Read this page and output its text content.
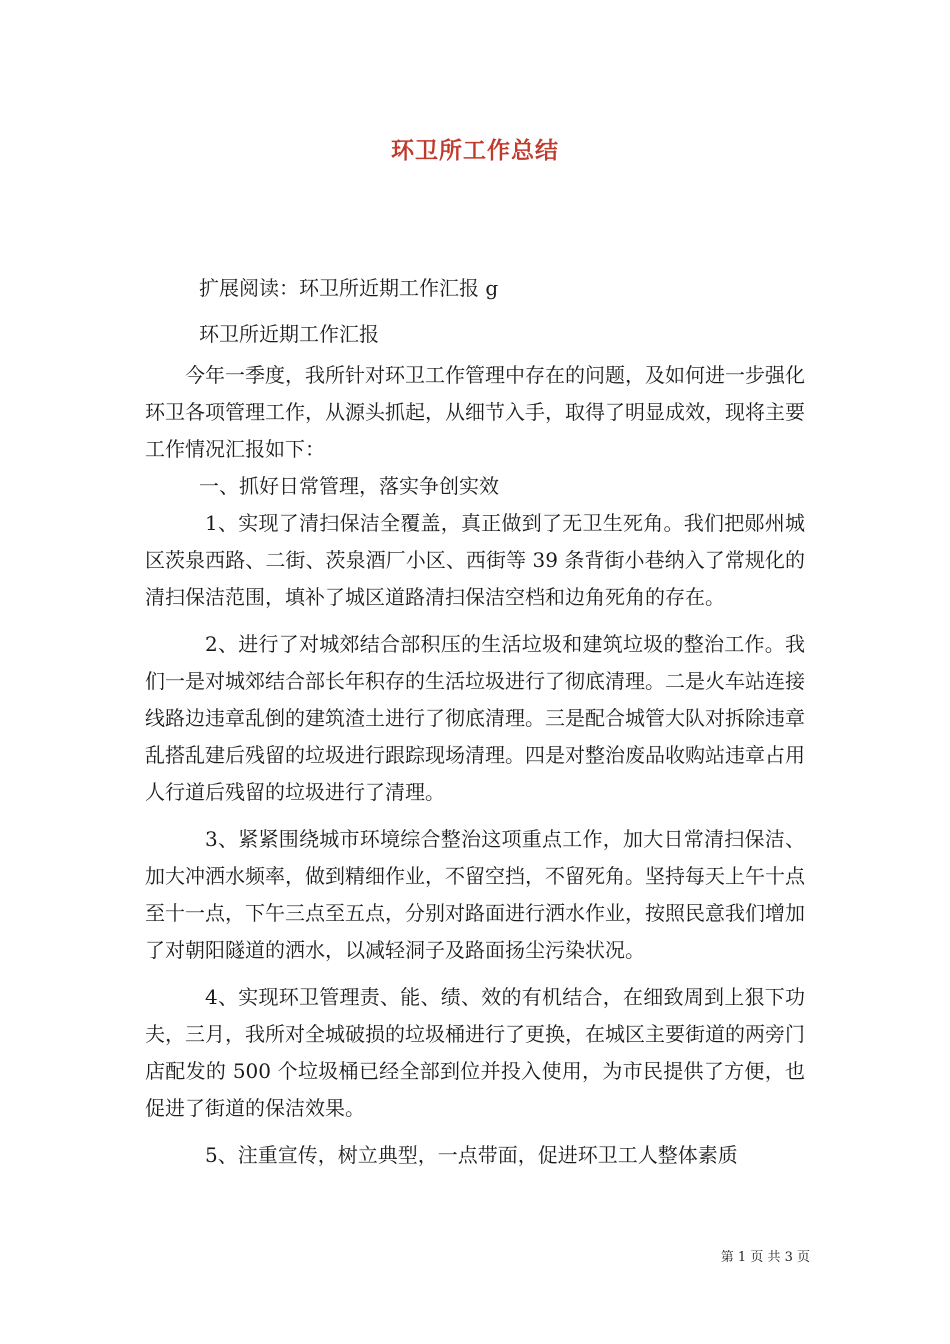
环卫所工作总结

扩展阅读：环卫所近期工作汇报 g

环卫所近期工作汇报

今年一季度，我所针对环卫工作管理中存在的问题，及如何进一步强化环卫各项管理工作，从源头抓起，从细节入手，取得了明显成效，现将主要工作情况汇报如下：

一、抓好日常管理，落实争创实效

1、实现了清扫保洁全覆盖，真正做到了无卫生死角。我们把郧州城区茨泉西路、二街、茨泉酒厂小区、西街等 39 条背街小巷纳入了常规化的清扫保洁范围，填补了城区道路清扫保洁空档和边角死角的存在。

2、进行了对城郊结合部积压的生活垃圾和建筑垃圾的整治工作。我们一是对城郊结合部长年积存的生活垃圾进行了彻底清理。二是火车站连接线路边违章乱倒的建筑渣土进行了彻底清理。三是配合城管大队对拆除违章乱搭乱建后残留的垃圾进行跟踪现场清理。四是对整治废品收购站违章占用人行道后残留的垃圾进行了清理。

3、紧紧围绕城市环境综合整治这项重点工作，加大日常清扫保洁、加大冲洒水频率，做到精细作业，不留空挡，不留死角。坚持每天上午十点至十一点，下午三点至五点，分别对路面进行洒水作业，按照民意我们增加了对朝阳隧道的洒水，以减轻洞子及路面扬尘污染状况。

4、实现环卫管理责、能、绩、效的有机结合，在细致周到上狠下功夫，三月，我所对全城破损的垃圾桶进行了更换，在城区主要街道的两旁门店配发的 500 个垃圾桶已经全部到位并投入使用，为市民提供了方便，也促进了街道的保洁效果。

5、注重宣传，树立典型，一点带面，促进环卫工人整体素质

第 1 页 共 3 页
